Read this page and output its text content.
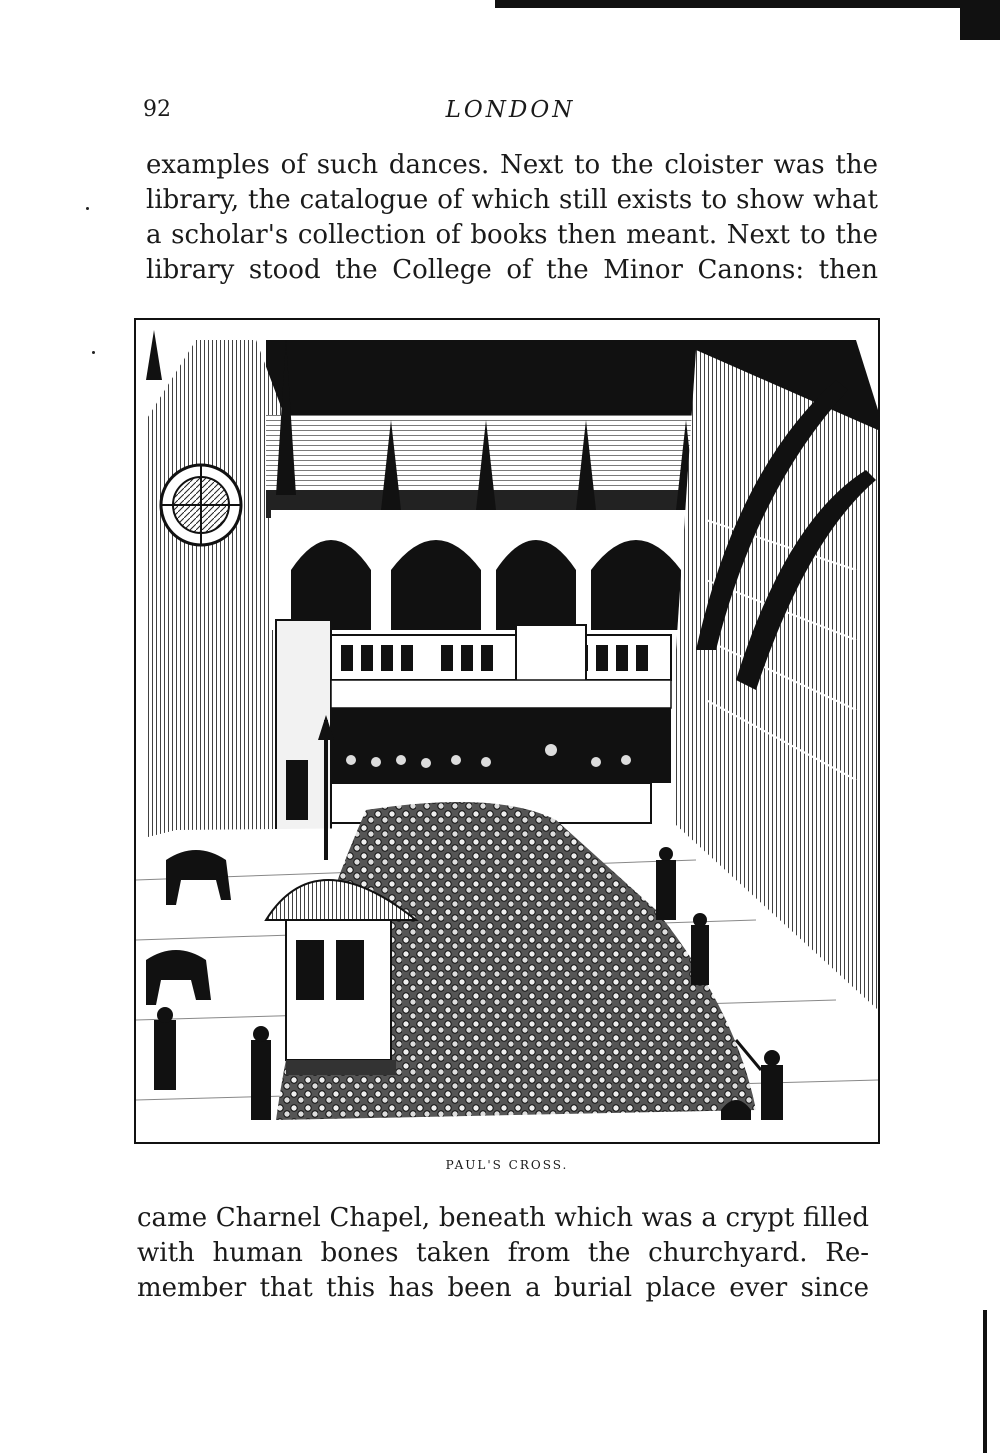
92	LONDON
examples of such dances. Next to the cloister was the
library, the catalogue of which still exists to show what
a scholar's collection of books then meant. Next to the
library stood the College of the Minor Canons: then
PAUL'S CROSS.
came Charnel Chapel, beneath which was a crypt filled
with human bones taken from the churchyard. Re-
member that this has been a burial place ever since
